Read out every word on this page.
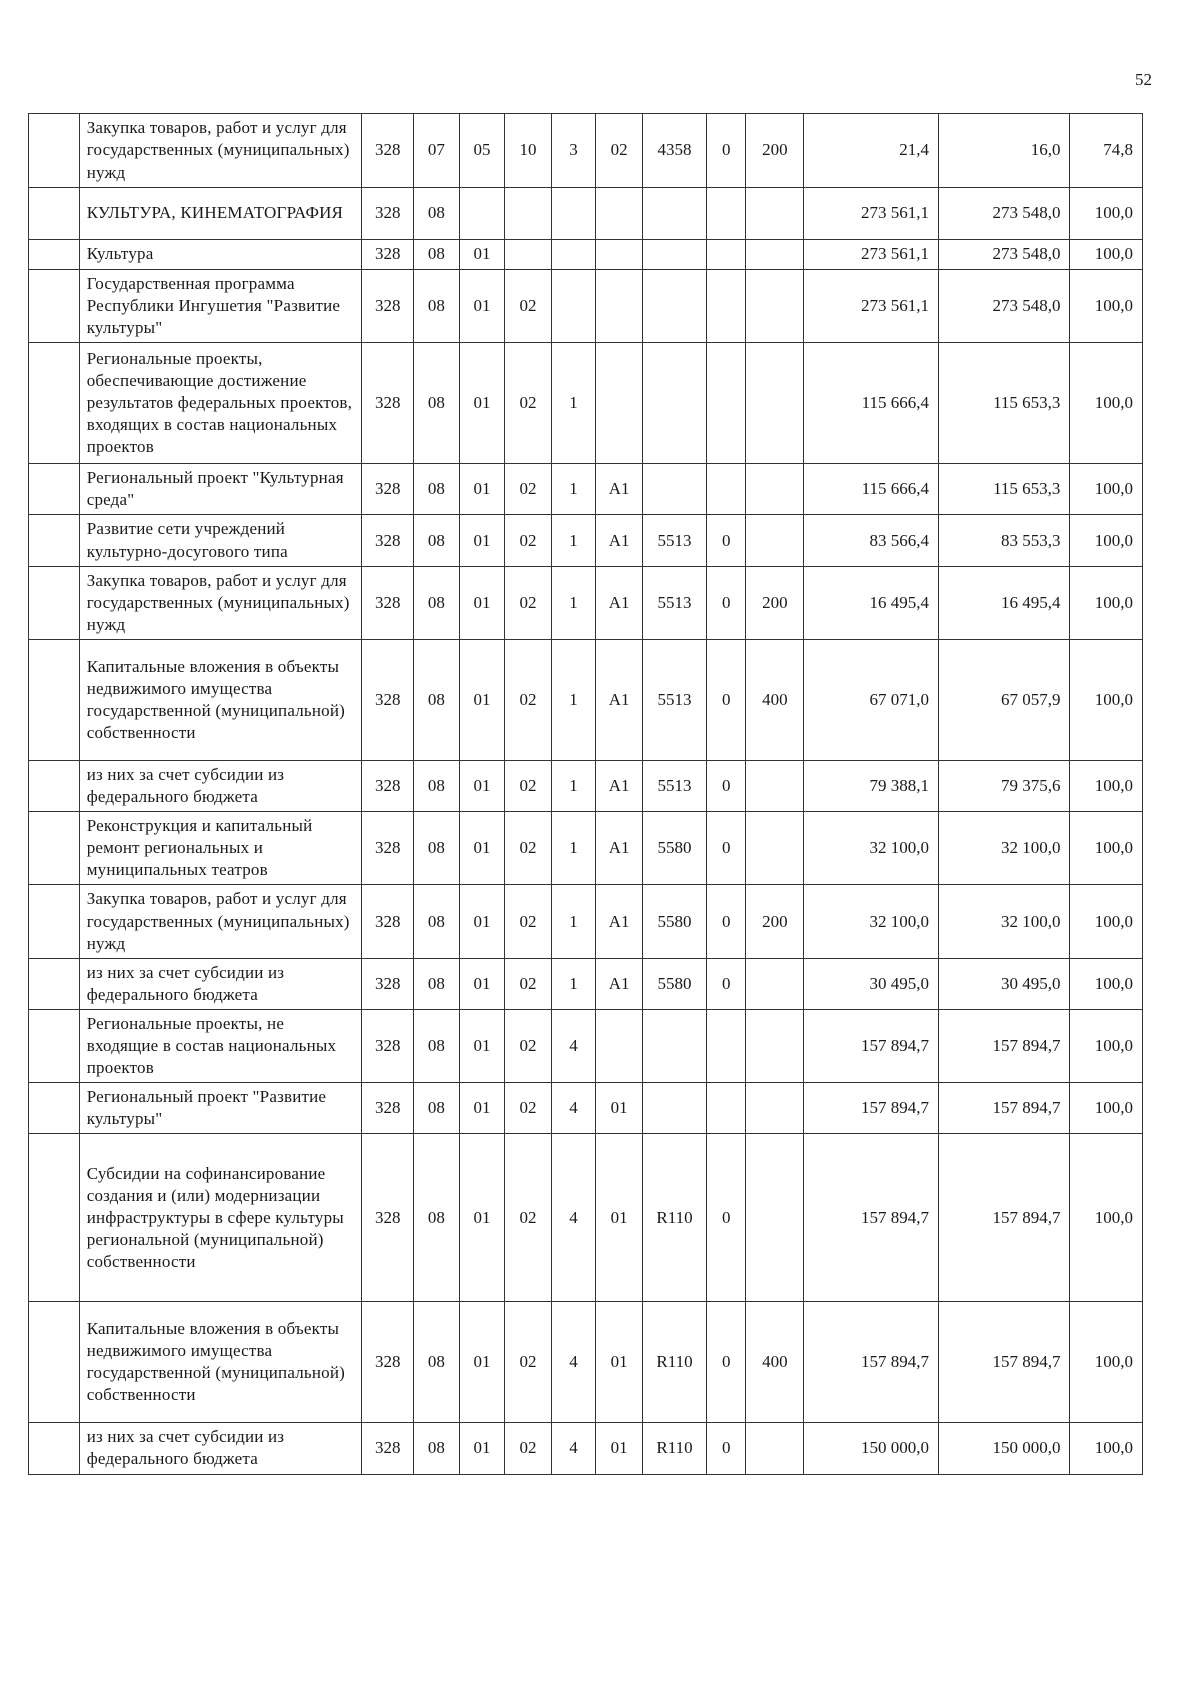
52
	Закупка товаров, работ и услуг для государственных (муниципальных) нужд	328	07	05	10	3	02	4358	0	200	21,4	16,0	74,8
	КУЛЬТУРА, КИНЕМАТОГРАФИЯ	328	08								273 561,1	273 548,0	100,0
	Культура	328	08	01							273 561,1	273 548,0	100,0
	Государственная программа Республики Ингушетия "Развитие культуры"	328	08	01	02						273 561,1	273 548,0	100,0
	Региональные проекты, обеспечивающие достижение результатов федеральных проектов, входящих в состав национальных проектов	328	08	01	02	1					115 666,4	115 653,3	100,0
	Региональный проект "Культурная среда"	328	08	01	02	1	A1				115 666,4	115 653,3	100,0
	Развитие сети учреждений культурно-досугового типа	328	08	01	02	1	A1	5513	0		83 566,4	83 553,3	100,0
	Закупка товаров, работ и услуг для государственных (муниципальных) нужд	328	08	01	02	1	A1	5513	0	200	16 495,4	16 495,4	100,0
	Капитальные вложения в объекты недвижимого имущества государственной (муниципальной) собственности	328	08	01	02	1	A1	5513	0	400	67 071,0	67 057,9	100,0
	из них за счет субсидии из федерального бюджета	328	08	01	02	1	A1	5513	0		79 388,1	79 375,6	100,0
	Реконструкция и капитальный ремонт региональных и муниципальных театров	328	08	01	02	1	A1	5580	0		32 100,0	32 100,0	100,0
	Закупка товаров, работ и услуг для государственных (муниципальных) нужд	328	08	01	02	1	A1	5580	0	200	32 100,0	32 100,0	100,0
	из них за счет субсидии из федерального бюджета	328	08	01	02	1	A1	5580	0		30 495,0	30 495,0	100,0
	Региональные проекты, не входящие в состав национальных проектов	328	08	01	02	4					157 894,7	157 894,7	100,0
	Региональный проект "Развитие культуры"	328	08	01	02	4	01				157 894,7	157 894,7	100,0
	Субсидии на софинансирование создания и (или) модернизации инфраструктуры в сфере культуры региональной (муниципальной) собственности	328	08	01	02	4	01	R110	0		157 894,7	157 894,7	100,0
	Капитальные вложения в объекты недвижимого имущества государственной (муниципальной) собственности	328	08	01	02	4	01	R110	0	400	157 894,7	157 894,7	100,0
	из них за счет субсидии из федерального бюджета	328	08	01	02	4	01	R110	0		150 000,0	150 000,0	100,0
